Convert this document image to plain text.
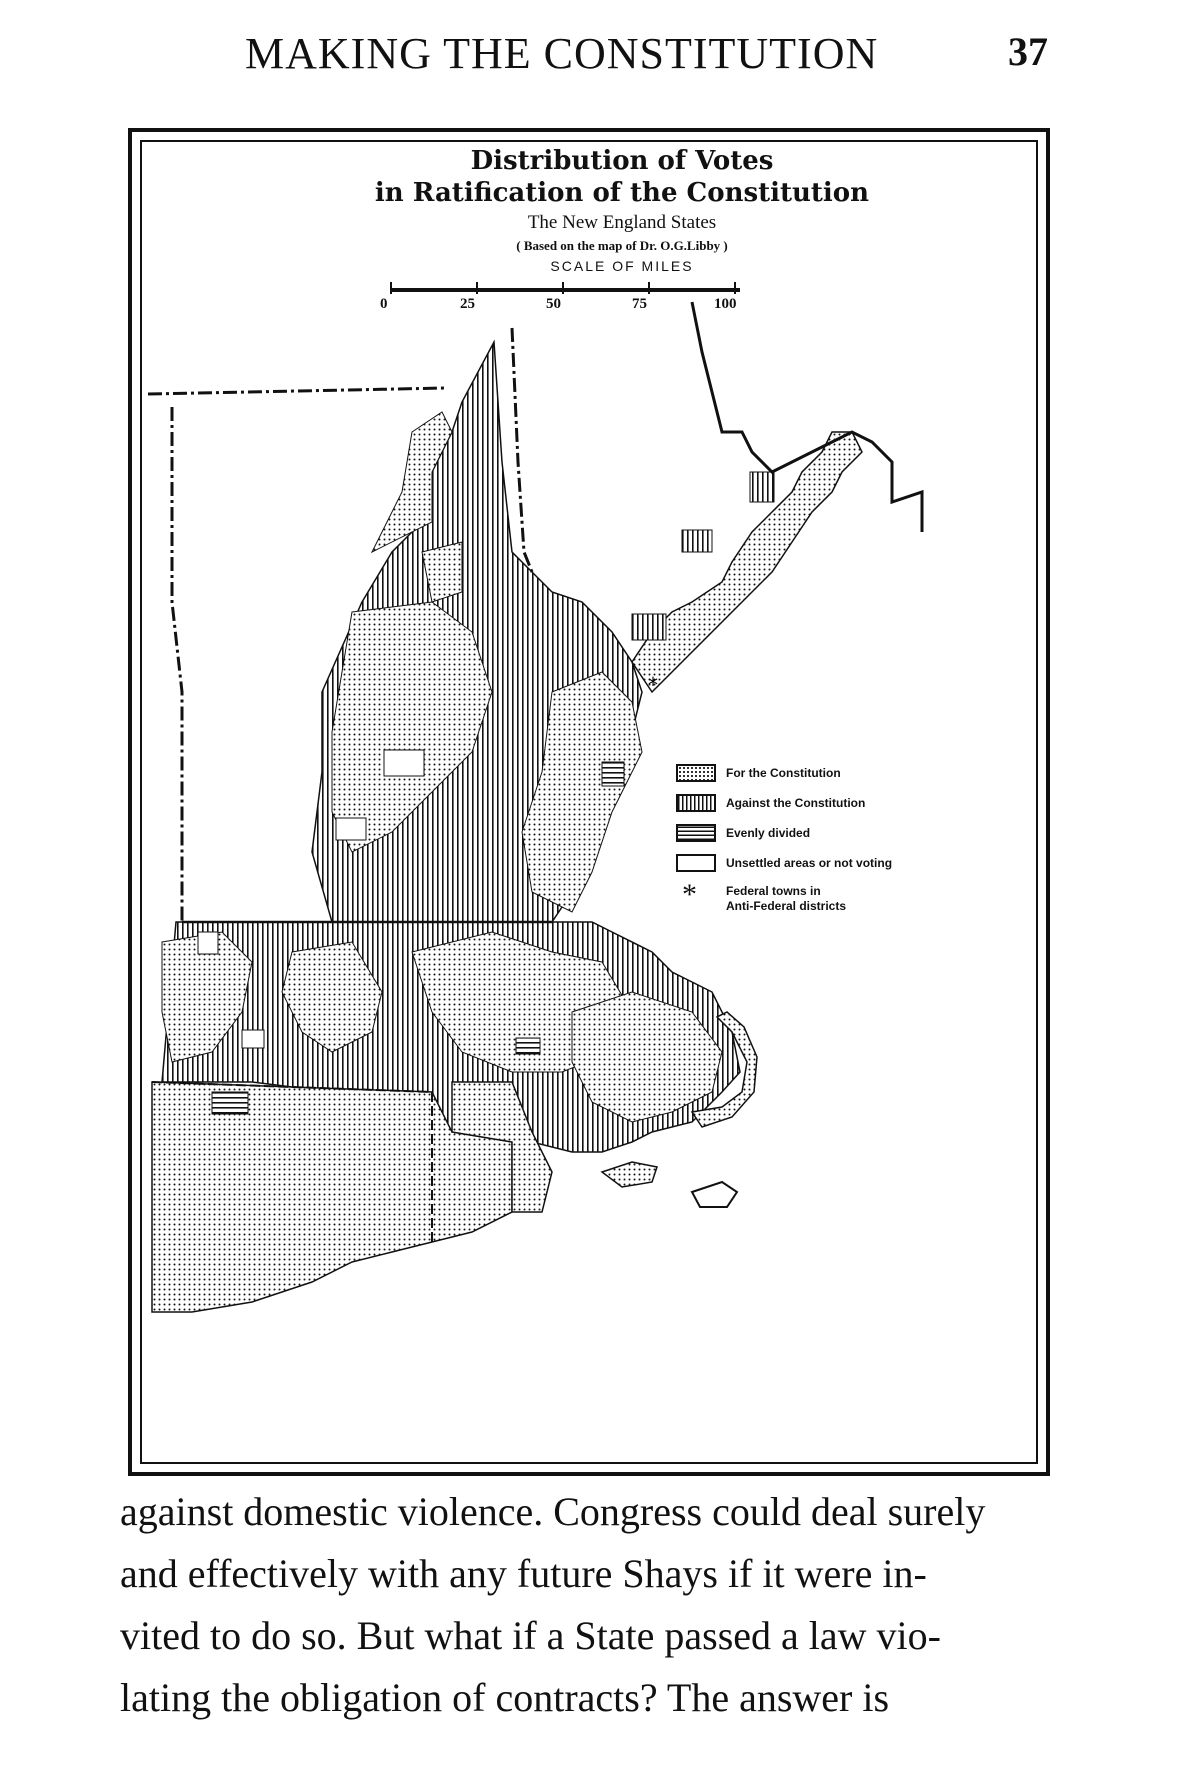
MAKING THE CONSTITUTION	37
Distribution of Votes
in Ratification of the Constitution
The New England States
( Based on the map of Dr. O.G.Libby )
SCALE OF MILES
0	25	50	75	100
*
For the Constitution
Against the Constitution
Evenly divided
Unsettled areas or not voting
* Federal towns in
Anti-Federal districts
against domestic violence. Congress could deal surely
and effectively with any future Shays if it were in-
vited to do so. But what if a State passed a law vio-
lating the obligation of contracts? The answer is
